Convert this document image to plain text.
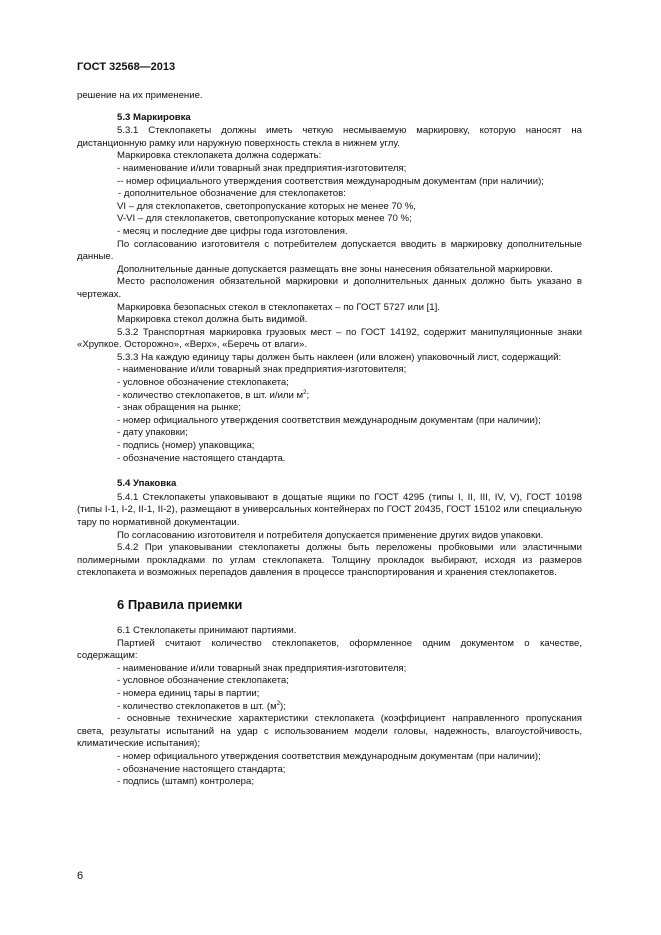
ГОСТ 32568—2013

решение на их применение.

5.3 Маркировка

5.3.1 Стеклопакеты должны иметь четкую несмываемую маркировку, которую наносят на дистанционную рамку или наружную поверхность стекла в нижнем углу.

Маркировка стеклопакета должна содержать:

- наименование и/или товарный знак предприятия-изготовителя;

-- номер официального утверждения соответствия международным документам (при наличии);

- дополнительное обозначение для стеклопакетов:

VI – для стеклопакетов, светопропускание которых не менее 70 %,

V-VI – для стеклопакетов, светопропускание которых менее 70 %;

- месяц и последние две цифры года изготовления.

По согласованию изготовителя с потребителем допускается вводить в маркировку дополнительные данные.

Дополнительные данные допускается размещать вне зоны нанесения обязательной маркировки.

Место расположения обязательной маркировки и дополнительных данных должно быть указано в чертежах.

Маркировка безопасных стекол в стеклопакетах – по ГОСТ 5727 или [1].

Маркировка стекол должна быть видимой.

5.3.2 Транспортная маркировка грузовых мест – по ГОСТ 14192, содержит манипуляционные знаки «Хрупкое. Осторожно», «Верх», «Беречь от влаги».

5.3.3 На каждую единицу тары должен быть наклеен (или вложен) упаковочный лист, содержащий:

- наименование и/или товарный знак предприятия-изготовителя;

- условное обозначение стеклопакета;

- количество стеклопакетов, в шт. и/или $м^2$;

- знак обращения на рынке;

- номер официального утверждения соответствия международным документам (при наличии);

- дату упаковки;

- подпись (номер) упаковщика;

- обозначение настоящего стандарта.

5.4 Упаковка

5.4.1 Стеклопакеты упаковывают в дощатые ящики по ГОСТ 4295 (типы I, II, III, IV, V), ГОСТ 10198 (типы I-1, I-2, II-1, II-2), размещают в универсальных контейнерах по ГОСТ 20435, ГОСТ 15102 или специальную тару по нормативной документации.

По согласованию изготовителя и потребителя допускается применение других видов упаковки.

5.4.2 При упаковывании стеклопакеты должны быть переложены пробковыми или эластичными полимерными прокладками по углам стеклопакета. Толщину прокладок выбирают, исходя из размеров стеклопакета и возможных перепадов давления в процессе транспортирования и хранения стеклопакетов.

6 Правила приемки

6.1 Стеклопакеты принимают партиями.

Партией считают количество стеклопакетов, оформленное одним документом о качестве, содержащим:

- наименование и/или товарный знак предприятия-изготовителя;

- условное обозначение стеклопакета;

- номера единиц тары в партии;

- количество стеклопакетов в шт. $(м^2)$;

- основные технические характеристики стеклопакета (коэффициент направленного пропускания света, результаты испытаний на удар с использованием модели головы, надежность, влагоустойчивость, климатические испытания);

- номер официального утверждения соответствия международным документам (при наличии);

- обозначение настоящего стандарта;

- подпись (штамп) контролера;

6
